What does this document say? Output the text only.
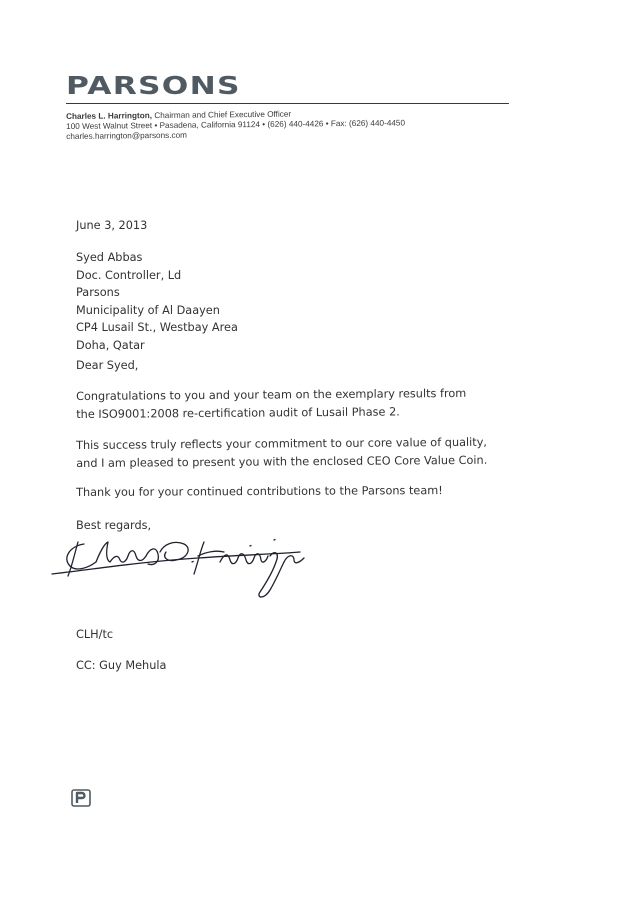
PARSONS
Charles L. Harrington, Chairman and Chief Executive Officer
100 West Walnut Street • Pasadena, California 91124 • (626) 440-4426 • Fax: (626) 440-4450
charles.harrington@parsons.com
June 3, 2013
Syed Abbas
Doc. Controller, Ld
Parsons
Municipality of Al Daayen
CP4 Lusail St., Westbay Area
Doha, Qatar
Dear Syed,
Congratulations to you and your team on the exemplary results from
the ISO9001:2008 re-certification audit of Lusail Phase 2.
This success truly reflects your commitment to our core value of quality,
and I am pleased to present you with the enclosed CEO Core Value Coin.
Thank you for your continued contributions to the Parsons team!
Best regards,
CLH/tc
CC: Guy Mehula
